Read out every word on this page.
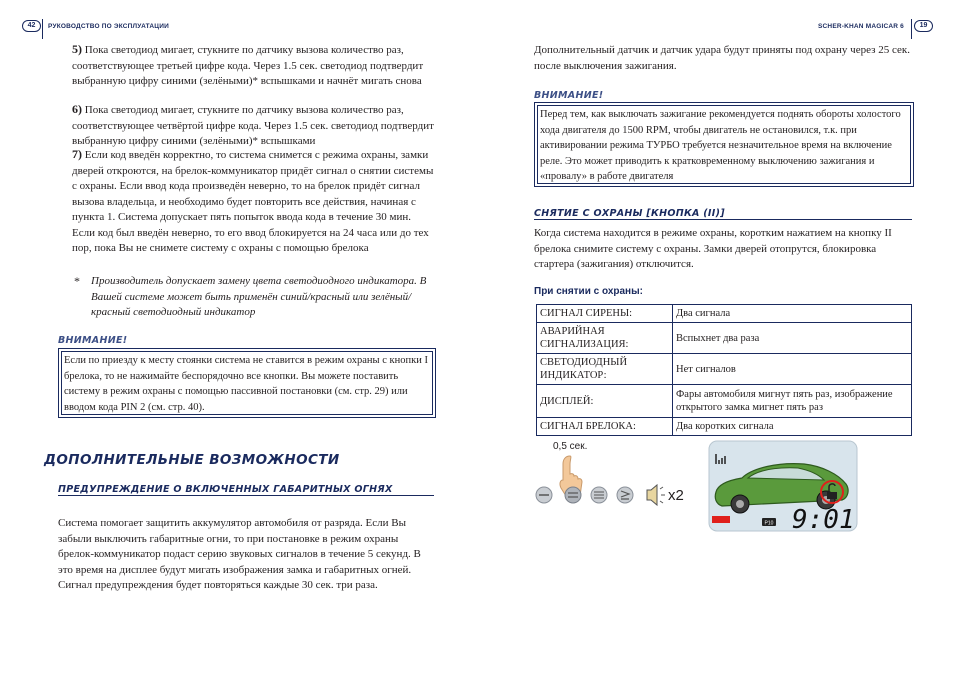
42	РУКОВОДСТВО ПО ЭКСПЛУАТАЦИИ	SCHER-KHAN MAGICAR 6	19
5) Пока светодиод мигает, стукните по датчику вызова количество раз, соответствующее третьей цифре кода. Через 1.5 сек. светодиод подтвердит выбранную цифру синими (зелёными)* вспышками и начнёт мигать снова
6) Пока светодиод мигает, стукните по датчику вызова количество раз, соответствующее четвёртой цифре кода. Через 1.5 сек. светодиод подтвердит выбранную цифру синими (зелёными)* вспышками
7) Если код введён корректно, то система снимется с режима охраны, замки дверей откроются, на брелок-коммуникатор придёт сигнал о снятии системы с охраны. Если ввод кода произведён неверно, то на брелок придёт сигнал вызова владельца, и необходимо будет повторить все действия, начиная с пункта 1. Система допускает пять попыток ввода кода в течение 30 мин. Если код был введён неверно, то его ввод блокируется на 24 часа или до тех пор, пока Вы не снимете систему с охраны с помощью брелока
*	Производитель допускает замену цвета светодиодного индикатора. В Вашей системе может быть применён синий/красный или зелёный/красный светодиодный индикатор
ВНИМАНИЕ!
Если по приезду к месту стоянки система не ставится в режим охраны с кнопки I брелока, то не нажимайте беспорядочно все кнопки. Вы можете поставить систему в режим охраны с помощью пассивной постановки (см. стр. 29) или вводом кода PIN 2 (см. стр. 40).
ДОПОЛНИТЕЛЬНЫЕ ВОЗМОЖНОСТИ
ПРЕДУПРЕЖДЕНИЕ О ВКЛЮЧЕННЫХ ГАБАРИТНЫХ ОГНЯХ
Система помогает защитить аккумулятор автомобиля от разряда. Если Вы забыли выключить габаритные огни, то при постановке в режим охраны брелок-коммуникатор подаст серию звуковых сигналов в течение 5 секунд. В это время на дисплее будут мигать изображения замка и габаритных огней. Сигнал предупреждения будет повторяться каждые 30 сек. три раза.
Дополнительный датчик и датчик удара будут приняты под охрану через 25 сек. после выключения зажигания.
ВНИМАНИЕ!
Перед тем, как выключать зажигание рекомендуется поднять обороты холостого хода двигателя до 1500 RPM, чтобы двигатель не остановился, т.к. при активировании режима ТУРБО требуется незначительное время на включение реле. Это может приводить к кратковременному выключению зажигания и «провалу» в работе двигателя
СНЯТИЕ С ОХРАНЫ [КНОПКА (II)]
Когда система находится в режиме охраны, коротким нажатием на кнопку II брелока снимите систему с охраны. Замки дверей отопрутся, блокировка стартера (зажигания) отключится.
При снятии с охраны:
СИГНАЛ СИРЕНЫ:	Два сигнала
АВАРИЙНАЯ СИГНАЛИЗАЦИЯ:	Вспыхнет два раза
СВЕТОДИОДНЫЙ ИНДИКАТОР:	Нет сигналов
ДИСПЛЕЙ:	Фары автомобиля мигнут пять раз, изображение открытого замка мигнет пять раз
СИГНАЛ БРЕЛОКА:	Два коротких сигнала
0,5 сек.
x2
P10 9:01
